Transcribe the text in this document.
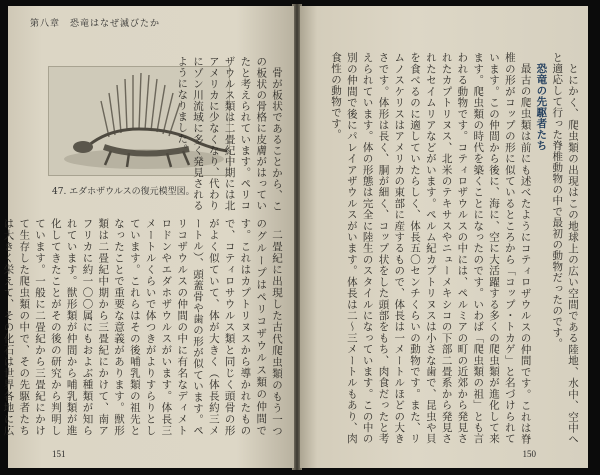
第八章　恐竜はなぜ滅びたか
47. エダホザウルスの復元模型図。	骨が板状であることから、この板状の骨格に皮膚がはっていたと考えられています。ペリコザウルス類は二畳紀中期には北アメリカに少なくなり、代わりにゾン川流域に多く発見されるようになりました。

二畳紀に出現した古代爬虫類のもう一つのグループはペリコザウルス類の仲間です。これはカプトリヌスから導かれたもので、コティロサウルス類と同じく頭骨の形がよく似ていて、体が大きく（体長約三メートル）、頭蓋骨や歯の形が似ています。ペリコザウルスの仲間の中に有名なディメトロドンやエダホザウルスがいます。体長三メートルくらいで体つきがよりすらりとしています。これらはその後哺乳類の祖先となったことで重要な意義があります。獣形類は二畳紀中期から三畳紀にかけて、南アフリカに約一〇〇属にもおよぶ種類が知られています。獣形類が仲間から哺乳類が進化してきたことがその後の研究から判明しています。一般に二畳紀から三畳紀にかけて生存した爬虫類の中で、その先駆者たちは大きく栄えて、その化石は世界各地に広

151

とにかく、爬虫類の出現はこの地球上の広い空間である陸地、水中、空中へと適応して行った脊椎動物の中で最初の動物だったのです。

恐竜の先駆者たち

最古の爬虫類は前にも述べたようにコティロザウルスの仲間です。これは脊椎の形がコップの形に似ているところから「コップ・トカゲ」と名づけられています。この仲間から後に、海に、空に大活躍する多くの爬虫類が進化して来ます。爬虫類の時代を築くことになったのです。いわば「爬虫類の祖」とも言われる動物です。コティロザウルスの中には、ペルミアの町の近郊から発見されたカプトリヌス、北米のテキサスやニューメキシコの下部二畳系から発見されたセイムリアなどがいます。ぺルム紀カプトリヌスは小さな歯で、昆虫や貝を食べるのに適していたらしく、体長五〇センチくらいの動物です。また、リムノスケリスはアメリカの東部に産するもので、体長は一メートルほどの大きさです。体形は長く、胴が細く、コップ状をした頭部をもち、肉食だったと考えられています。体の形態は完全に陸生のスタイルになっています。この中の別の仲間で後にパレイアザウルスがいます。体長は二～三メートルもあり、肉食性の動物です。

150
